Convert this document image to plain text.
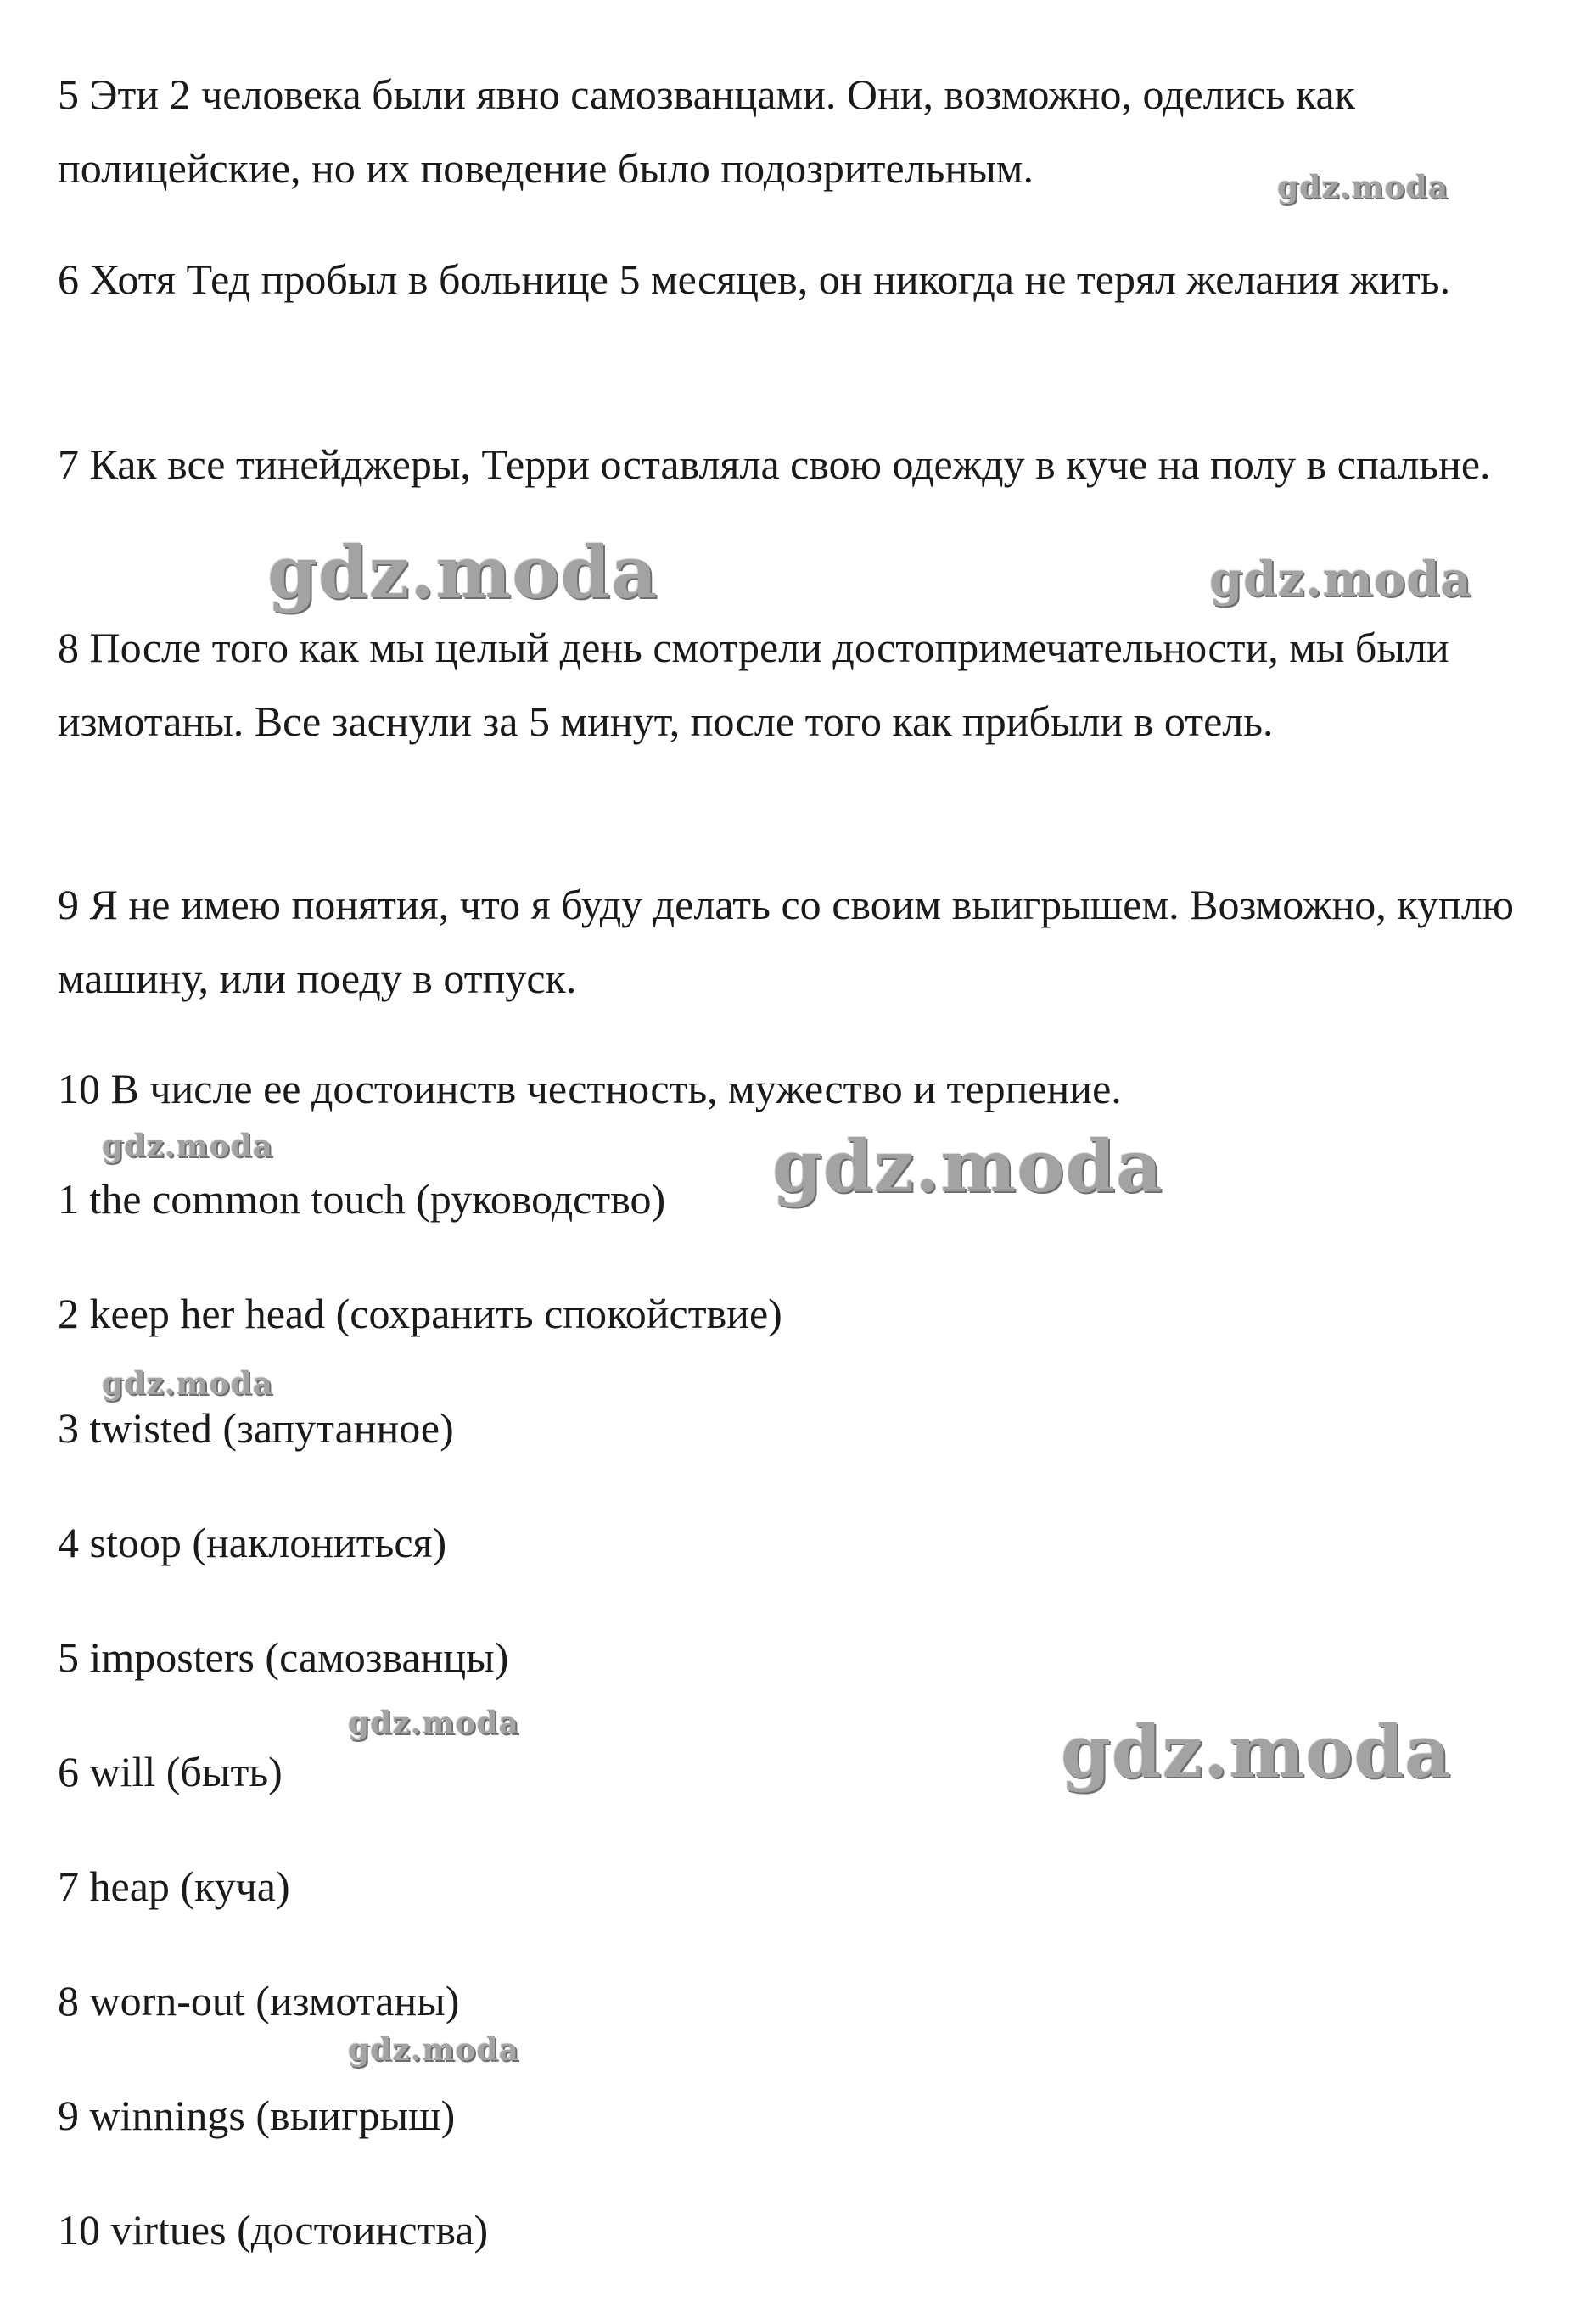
5 Эти 2 человека были явно самозванцами. Они, возможно, оделись как полицейские, но их поведение было подозрительным.

6 Хотя Тед пробыл в больнице 5 месяцев, он никогда не терял желания жить.

7 Как все тинейджеры, Терри оставляла свою одежду в куче на полу в спальне.

8 После того как мы целый день смотрели достопримечательности, мы были измотаны. Все заснули за 5 минут, после того как прибыли в отель.

9 Я не имею понятия, что я буду делать со своим выигрышем. Возможно, куплю машину, или поеду в отпуск.

10 В числе ее достоинств честность, мужество и терпение.

1 the common touch (руководство)

2 keep her head (сохранить спокойствие)

3 twisted (запутанное)

4 stoop (наклониться)

5 imposters (самозванцы)

6 will (быть)

7 heap (куча)

8 worn-out (измотаны)

9 winnings (выигрыш)

10 virtues (достоинства)

gdz.moda
gdz.moda	gdz.moda
gdz.moda	gdz.moda
gdz.moda
gdz.moda	gdz.moda
gdz.moda
